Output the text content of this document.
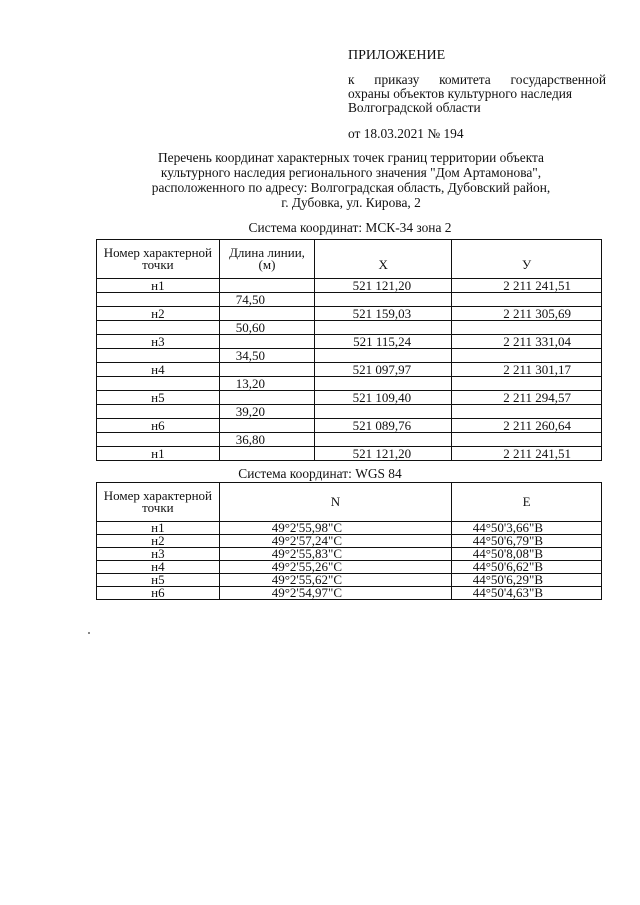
ПРИЛОЖЕНИЕ
к приказу комитета государственной
охраны объектов культурного наследия
Волгоградской области
от 18.03.2021 № 194
Перечень координат характерных точек границ территории объекта
культурного наследия регионального значения "Дом Артамонова",
расположенного по адресу: Волгоградская область, Дубовский район,
г. Дубовка, ул. Кирова, 2
Система координат: МСК-34 зона 2
Номер характерной точки	Длина линии, (м)	X	У
н1		521 121,20	2 211 241,51
	74,50		
н2		521 159,03	2 211 305,69
	50,60		
н3		521 115,24	2 211 331,04
	34,50		
н4		521 097,97	2 211 301,17
	13,20		
н5		521 109,40	2 211 294,57
	39,20		
н6		521 089,76	2 211 260,64
	36,80		
н1		521 121,20	2 211 241,51
Система координат: WGS 84
Номер характерной точки	N	E
н1	49°2'55,98"С	44°50'3,66"В
н2	49°2'57,24"С	44°50'6,79"В
н3	49°2'55,83"С	44°50'8,08"В
н4	49°2'55,26"С	44°50'6,62"В
н5	49°2'55,62"С	44°50'6,29"В
н6	49°2'54,97"С	44°50'4,63"В
